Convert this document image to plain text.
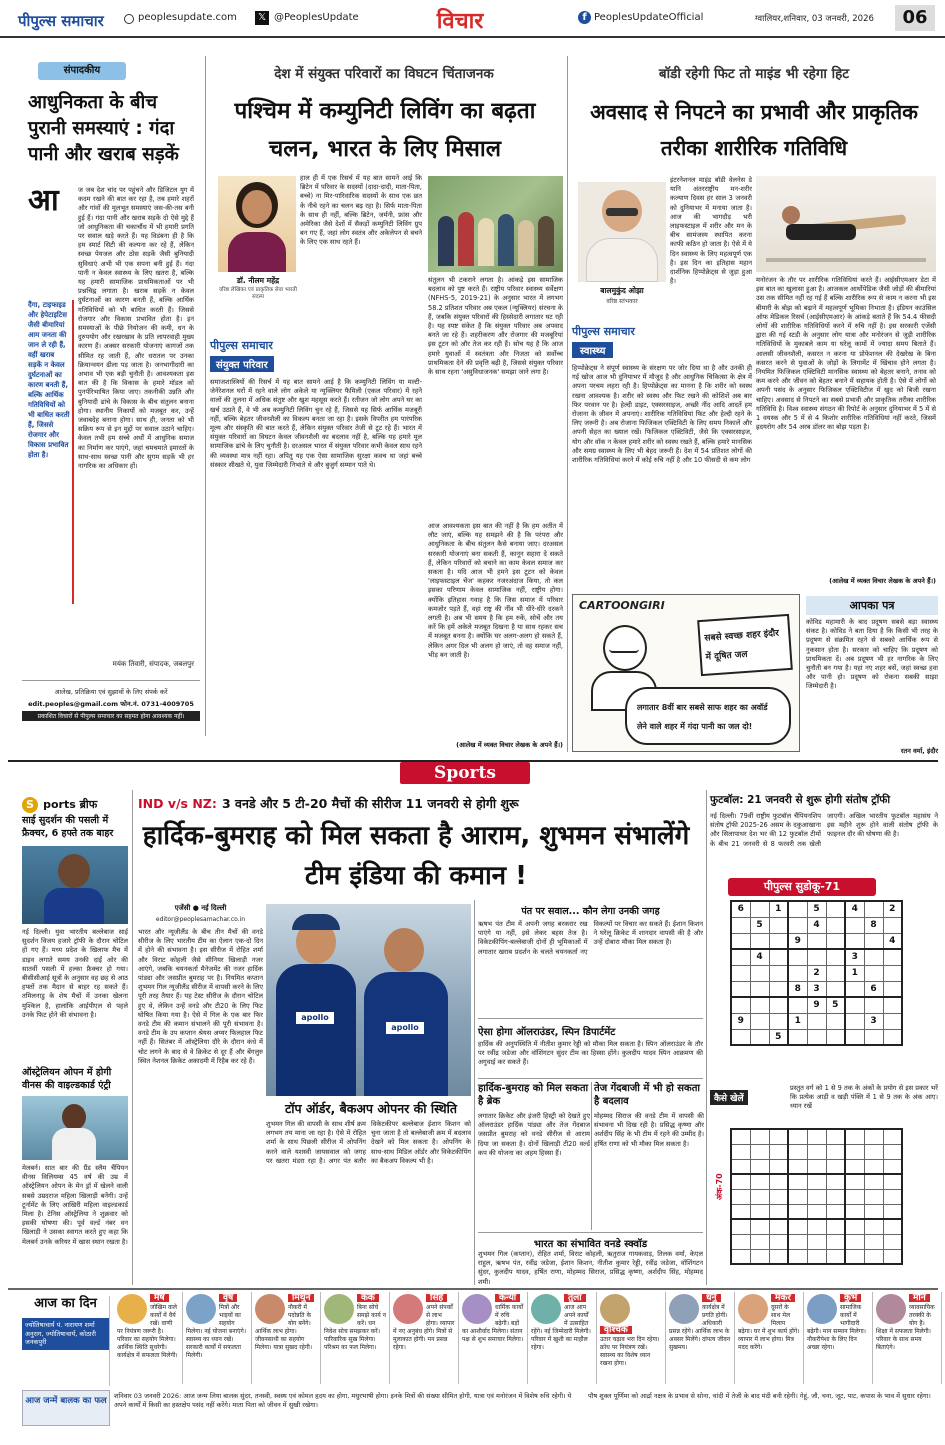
पीपुल्स समाचार	peoplesupdate.com 𝕏 @PeoplesUpdate	विचार	f PeoplesUpdateOfficial	ग्वालियर,शनिवार, 03 जनवरी, 2026	06
संपादकीय
आधुनिकता के बीच पुरानी समस्याएं : गंदा पानी और खराब सड़कें
आ	ज जब देश चांद पर पहुंचने और डिजिटल युग में कदम रखने की बात कर रहा है, तब हमारे शहरों और गांवों की मूलभूत समस्याएं जस-की-तस बनी हुई हैं। गंदा पानी और खराब सड़कें दो ऐसे मुद्दे हैं जो आधुनिकता की चकाचौंध में भी हमारी प्रगति पर सवाल खड़े करते हैं। यह विडंबना ही है कि हम स्मार्ट सिटी की कल्पना कर रहे हैं, लेकिन स्वच्छ पेयजल और ठोस सड़कें जैसी बुनियादी सुविधाएं अभी भी एक सपना बनी हुई हैं। गंदा पानी न केवल स्वास्थ्य के लिए खतरा है, बल्कि यह हमारी सामाजिक प्राथमिकताओं पर भी प्रश्नचिह्न लगाता है। खराब सड़कें न केवल दुर्घटनाओं का कारण बनती हैं, बल्कि आर्थिक गतिविधियों को भी बाधित करती हैं। जिससे रोजगार और विकास प्रभावित होता है। इन समस्याओं के पीछे नियोजन की कमी, धन के दुरुपयोग और रखरखाव के प्रति लापरवाही मुख्य कारण हैं। अक्सर सरकारी योजनाएं कागजों तक सीमित रह जाती हैं, और धरातल पर उनका क्रियान्वयन ढीला पड़ जाता है। जनभागीदारी का अभाव भी एक बड़ी चुनौती है। आवश्यकता इस बात की है कि विकास के हमारे मॉडल को पुनर्परिभाषित किया जाए। तकनीकी उन्नति और बुनियादी ढांचे के विकास के बीच संतुलन बनाना होगा। स्थानीय निकायों को मजबूत कर, उन्हें जवाबदेह बनाना होगा। साथ ही, जनता को भी सक्रिय रूप से इन मुद्दों पर सवाल उठाने चाहिए। केवल तभी हम सच्चे अर्थों में आधुनिक समाज का निर्माण कर पाएंगे, जहां चमचमाते इमारतों के साथ-साथ स्वच्छ पानी और सुगम सड़कें भी हर नागरिक का अधिकार हों।
दैंगा, टाइफाइड और हेपेटाइटिस जैसी बीमारियां आम जनता की जान ले रही हैं, वहीं खराब सड़कें न केवल दुर्घटनाओं का कारण बनती हैं, बल्कि आर्थिक गतिविधियों को भी बाधित करती हैं, जिससे रोजगार और विकास प्रभावित होता है।
मयंक तिवारी, संपादक, जबलपुर
आलेख, प्रतिक्रिया एवं सुझावों के लिए संपर्क करें
edit.peoples@gmail.com फोन.नं. 0731-4009705
प्रकाशित विचारों से पीपुल्स समाचार का सहमत होना आवश्यक नहीं।
देश में संयुक्त परिवारों का विघटन चिंताजनक
पश्चिम में कम्युनिटी लिविंग का बढ़ता चलन, भारत के लिए मिसाल
डॉ. नीलम महेंद्र
वरिष्ठ लेखिका एवं प्राकृतिक सेवा भारती सदस्य
हाल ही में एक रिसर्च में यह बात सामने आई कि ब्रिटेन में परिवार के सदस्यों (दादा-दादी, माता-पिता, बच्चे) ना मिर-पारिवारिक सदस्यों के साथ एक छत के नीचे रहने का चलन बढ़ रहा है। सिर्फ माता-पिता के साथ ही नहीं, बल्कि ब्रिटेन, जर्मनी, फ्रांस और अमेरिका जैसे देशों में सैकड़ों कम्युनिटी लिविंग ग्रुप बन गए हैं, जहां लोग स्वतंत्र और अकेलेपन से बचने के लिए एक साथ रहते हैं।
पीपुल्स समाचार
संयुक्त परिवार
समाजशास्त्रियों की रिसर्च में यह बात सामने आई है कि कम्युनिटी लिविंग या मल्टी-जेनेरेशनल घरों में रहने वाले लोग अकेले या न्यूक्लियर फैमिली (एकल परिवार) में रहने वालों की तुलना में अधिक संतुष्ट और खुश महसूस करते हैं। रतीजन जो लोग अपने घर का खर्च उठाते हैं, वे भी अब कम्युनिटी लिविंग चुन रहे हैं, जिससे यह सिर्फ आर्थिक मजबूरी नहीं, बल्कि बेहतर जीवनशैली का विकल्प बनता जा रहा है। इसके विपरीत हम पारंपरिक मूल्य और संस्कृति की बात करते हैं, लेकिन संयुक्त परिवार तेजी से टूट रहे हैं। भारत में संयुक्त परिवारों का विघटन केवल जीवनशैली का बदलाव नहीं है, बल्कि यह हमारे मूल सामाजिक ढांचे के लिए चुनौती है। दरअसल भारत में संयुक्त परिवार कभी केवल साथ रहने की व्यवस्था मात्र नहीं रहा। अपितु यह एक ऐसा सामाजिक सुरक्षा कवच था जहां बच्चे संस्कार सीखते थे, युवा जिम्मेदारी निभाते थे और बुजुर्ग सम्मान पाते थे।
संतुलन भी टकराने लगता है। आंकड़े इस सामाजिक बदलाव को पुष्ट करते हैं। राष्ट्रीय परिवार स्वास्थ्य सर्वेक्षण (NFHS-5, 2019-21) के अनुसार भारत में लगभग 58.2 प्रतिशत परिवार अब एकल (न्यूक्लियर) संरचना के हैं, जबकि संयुक्त परिवारों की हिस्सेदारी लगातार घट रही है। यह स्पष्ट संकेत है कि संयुक्त परिवार अब अपवाद बनते जा रहे हैं। शहरीकरण और रोजगार की मजबूरियां इस टूटन को और तेज कर रही हैं। सोच यह है कि आज हमारे युवाओं में स्वतंत्रता और निजता को सर्वोच्च प्राथमिकता देने की प्रवृत्ति बढ़ी है, जिससे संयुक्त परिवार के साथ रहना 'असुविधाजनक' समझा जाने लगा है।
आज आवश्यकता इस बात की नहीं है कि हम अतीत में लौट जाएं, बल्कि यह समझने की है कि परंपरा और आधुनिकता के बीच संतुलन कैसे बनाया जाए। दरअसल सरकारी योजनाएं बना सकती हैं, कानून सहारा दे सकते हैं, लेकिन परिवारों को बचाने का काम केवल समाज कर सकता है। यदि आज भी हमने इस टूटन को केवल 'लाइफस्टाइल चेंज' कहकर नजरअंदाज किया, तो कल इसका परिणाम केवल सामाजिक नहीं, राष्ट्रीय होगा। क्योंकि इतिहास गवाह है कि जिस समाज में परिवार कमजोर पड़ते हैं, वहां राष्ट्र की नींव भी धीरे-धीरे दरकने लगती है। अब भी समय है कि हम रुकें, सोचें और तय करें कि हमें अकेले मजबूत दिखना है या साथ रहकर सच में मजबूत बनना है। क्योंकि घर अलग-अलग हो सकते हैं, लेकिन अगर दिल भी अलग हो जाएं, तो वह समाज नहीं, भीड़ बन जाती है।
(आलेख में व्यक्त विचार लेखक के अपने हैं।)
बॉडी रहेगी फिट तो माइंड भी रहेगा हिट
अवसाद से निपटने का प्रभावी और प्राकृतिक तरीका शारीरिक गतिविधि
बालमुकुंद ओझा
वरिष्ठ स्तंभकार
इंटरनेशनल माइंड बॉडी वेलनेस डे यानि अंतरराष्ट्रीय मन-शरीर कल्याण दिवस हर साल 3 जनवरी को दुनियाभर में मनाया जाता है। आज की भागदौड़ भरी लाइफस्टाइल में शरीर और मन के बीच सामंजस्य स्थापित करना काफी कठिन हो जाता है। ऐसे में ये दिन स्वास्थ्य के लिए महत्वपूर्ण एक है। इस दिन का इतिहास महान दार्शनिक हिप्पोक्रेट्स से जुड़ा हुआ है।
पीपुल्स समाचार
स्वास्थ्य
हिप्पोक्रेट्स ने संपूर्ण स्वास्थ्य के संरक्षण पर जोर दिया था है और उनकी ही गई खोज आज भी दुनियाभर में मौजूद है और आधुनिक चिकित्सा के क्षेत्र में अपना परचम लहरा रही है। हिप्पोक्रेट्स का मानना है कि शरीर को स्वस्थ रखना आवश्यक है। शरीर को स्वस्थ और फिट रखने की कोशिशें अब बार फिर परवान पर है। हेल्दी डाइट, एक्सरसाइज, अच्छी नींद आदि आदतें हम रोजाना के जीवन में अपनाएं। शारीरिक गतिविधियां फिट और हेल्दी रहने के लिए जरूरी है। अब रोजाना फिजिकल एक्टिविटी के लिए समय निकालें और अपनी सेहत का ख्याल रखें। फिजिकल एक्टिविटी, जैसे कि एक्सरसाइज, योग और वॉक न केवल हमारे शरीर को स्वस्थ रखते हैं, बल्कि हमारे मानसिक और समग्र स्वास्थ्य के लिए भी बेहद जरूरी हैं। देश में 54 प्रतिशत लोगों की शारीरिक गतिविधियां करने में कोई रुचि नहीं है और 10 फीसदी से कम लोग
मनोरंजन के तौर पर शारीरिक गतिविधियां करते हैं। आईसीएमआर डेटा में इस बात का खुलासा हुआ है। आजकल आर्थोपेडिक जैसी जोड़ों की बीमारियां उस तक सीमित नहीं रह गई हैं बल्कि शारीरिक रूप से काम न करना भी इस बीमारी के बोझ को बढ़ाने में महत्वपूर्ण भूमिका निभाता है। इंडियन काउंसिल ऑफ मेडिकल रिसर्च (आईसीएमआर) के आंकड़े बताते हैं कि 54.4 फीसदी लोगों की शारीरिक गतिविधियों करने में रुचि नहीं है। इस सरकारी एजेंसी द्वारा की गई स्टडी के अनुसार लोग यात्रा और मनोरंजन से जुड़ी शारीरिक गतिविधियों के मुकाबले काम या घरेलू कामों में ज्यादा समय बिताते हैं। आलसी जीवनशैली, कसरत न करना या प्रोफेशनल की देखरेख के बिना कसरत करने से युवाओं के जोड़ों के लिगामेंट में खिंचाव होने लगता है। नियमित फिजिकल एक्टिविटी मानसिक स्वास्थ्य को बेहतर बनाने, तनाव को कम करने और जीवन को बेहतर बनाने में सहायक होती है। ऐसे में लोगों को अपनी पसंद के अनुसार फिजिकल एक्टिविटीज में खुद को बिजी रखना चाहिए। अवसाद से निपटने का सबसे प्रभावी और प्राकृतिक तरीका शारीरिक गतिविधि है। विश्व स्वास्थ्य संगठन की रिपोर्ट के अनुसार दुनियाभर में 5 में से 1 वयस्क और 5 में से 4 किशोर शारीरिक गतिविधियां नहीं करते, जिसमें ह्रदयरोग और 54 अरब डॉलर का बोझ पड़ता है।
(आलेख में व्यक्त विचार लेखक के अपने हैं।)
CARTOONGIRI
सबसे स्वच्छ शहर इंदौर में दूषित जल
लगातार 8वीं बार सबसे साफ शहर का अवॉर्ड लेने वाले शहर में गंदा पानी का जल दो!
आपका पत्र
कोविड महामारी के बाद प्रदूषण सबसे बड़ा स्वास्थ्य संकट है। कोविड ने बता दिया है कि किसी भी तरह के प्रदूषण से संक्रमित रहने से सबको आर्थिक रूप से नुकसान होता है। सरकार को चाहिए कि प्रदूषण को प्राथमिकता दें। अब प्रदूषण भी हर नागरिक के लिए चुनौती बन गया है। यहां नए शहर बसें, जहां स्वच्छ हवा और पानी हो। प्रदूषण को रोकना सबकी साझा जिम्मेदारी है।
रतन वर्मा, इंदौर
Sports
S ports ब्रीफ
साई सुदर्शन की पसली में फ्रैक्चर, 6 हफ्ते तक बाहर
नई दिल्ली। युवा भारतीय बल्लेबाज साई सुदर्शन विजय हजारे ट्रॉफी के दौरान चोटिल हो गए हैं। मध्य प्रदेश के खिलाफ मैच में डाइव लगाते समय उनकी दाईं ओर की सातवीं पसली में हल्का फ्रैक्चर हो गया। बीसीसीआई सूत्रों के अनुसार वह छह से आठ हफ्तों तक मैदान से बाहर रह सकते हैं। तमिलनाडु के शेष मैचों में उनका खेलना मुश्किल है, हालांकि आईपीएल से पहले उनके फिट होने की संभावना है।
ऑस्ट्रेलियन ओपन में होगी वीनस की वाइल्डकार्ड एंट्री
मेलबर्न। सात बार की ग्रैंड स्लैम चैंपियन वीनस विलियम्स 45 वर्ष की उम्र में ऑस्ट्रेलियन ओपन के मेन ड्रॉ में खेलने वाली सबसे उम्रदराज महिला खिलाड़ी बनेंगी। उन्हें टूर्नामेंट के लिए आखिरी महिला वाइल्डकार्ड मिला है। टेनिस ऑस्ट्रेलिया ने शुक्रवार को इसकी घोषणा की। पूर्व वर्ल्ड नंबर वन खिलाड़ी ने उसका स्वागत करते हुए कहा कि मेलबर्न उनके करियर में खास स्थान रखता है।
IND v/s NZ: 3 वनडे और 5 टी-20 मैचों की सीरीज 11 जनवरी से होगी शुरू
हार्दिक-बुमराह को मिल सकता है आराम, शुभमन संभालेंगे टीम इंडिया की कमान !
एजेंसी ● नई दिल्ली
editor@peoplesamachar.co.in
भारत और न्यूजीलैंड के बीच तीन मैचों की वनडे सीरीज के लिए भारतीय टीम का ऐलान एक-दो दिन में होने की संभावना है। इस सीरीज में रोहित शर्मा और विराट कोहली जैसे सीनियर खिलाड़ी नजर आएंगे, जबकि चयनकर्ता मैनेजमेंट की नजर हार्दिक पांड्या और जसप्रीत बुमराह पर है। नियमित कप्तान शुभमन गिल न्यूजीलैंड सीरीज में वापसी करने के लिए पूरी तरह तैयार हैं। यह टेस्ट सीरीज के दौरान चोटिल हुए थे, लेकिन उन्हें वनडे और टी20 के लिए फिट घोषित किया गया है। ऐसे में गिल के एक बार फिर वनडे टीम की कमान संभालने की पूरी संभावना है। वनडे टीम के उप कप्तान श्रेयस अय्यर फिलहाल फिट नहीं हैं। सितंबर में ऑस्ट्रेलिया दौरे के दौरान कंधे में चोट लगने के बाद से वे क्रिकेट से दूर हैं और बेंगलुरु स्थित नेशनल क्रिकेट अकादमी में रिहैब कर रहे हैं।
apollo
apollo
टॉप ऑर्डर, बैकअप ओपनर की स्थिति
शुभमन गिल की वापसी के साथ शीर्ष क्रम लगभग तय माना जा रहा है। ऐसे में रोहित शर्मा के साथ पिछली सीरीज में ओपनिंग करने वाले यशस्वी जायसवाल को जगह पर खतरा मंडरा रहा है। अगर पंत बतौर विकेटकीपर बल्लेबाज ईशान किशन को चुना जाता है तो बल्लेबाजी क्रम में बदलाव देखने को मिल सकता है। ओपनिंग के साथ-साथ मिडिल ऑर्डर और विकेटकीपिंग का बैकअप विकल्प भी है।
पंत पर सवाल... कौन लेगा उनकी जगह
ऋषभ पंत टीम में अपनी जगह बरकरार रख पाएंगे या नहीं, इसे लेकर बहस तेज है। विकेटकीपिंग-बल्लेबाजी दोनों ही भूमिकाओं में लगातार खराब प्रदर्शन के चलते चयनकर्ता नए विकल्पों पर विचार कर सकते हैं। ईशान किशन ने घरेलू क्रिकेट में शानदार वापसी की है और उन्हें दोबारा मौका मिल सकता है।
ऐसा होगा ऑलराउंडर, स्पिन डिपार्टमेंट
हार्दिक की अनुपस्थिति में नीतीश कुमार रेड्डी को मौका मिल सकता है। स्पिन ऑलराउंडर के तौर पर रवींद्र जडेजा और वॉशिंगटन सुंदर टीम का हिस्सा होंगे। कुलदीप यादव स्पिन आक्रमण की अगुवाई कर सकते हैं।
हार्दिक-बुमराह को मिल सकता है ब्रेक
लगातार क्रिकेट और इंजरी हिस्ट्री को देखते हुए ऑलराउंडर हार्दिक पांड्या और तेज गेंदबाज जसप्रीत बुमराह को वनडे सीरीज से आराम दिया जा सकता है। दोनों खिलाड़ी टी20 वर्ल्ड कप की योजना का अहम हिस्सा हैं।
तेज गेंदबाजी में भी हो सकता है बदलाव
मोहम्मद सिराज की वनडे टीम में वापसी की संभावना भी दिख रही है। प्रसिद्ध कृष्णा और अर्शदीप सिंह के भी टीम में रहने की उम्मीद है। हर्षित राणा को भी मौका मिल सकता है।
भारत का संभावित वनडे स्क्वॉड
शुभमन गिल (कप्तान), रोहित शर्मा, विराट कोहली, ऋतुराज गायकवाड़, तिलक वर्मा, केएल राहुल, ऋषभ पंत, रवींद्र जडेजा, ईशान किशन, नीतीश कुमार रेड्डी, रवींद्र जडेजा, वॉशिंगटन सुंदर, कुलदीप यादव, हर्षित राणा, मोहम्मद सिराज, प्रसिद्ध कृष्णा, अर्शदीप सिंह, मोहम्मद शमी।
फुटबॉल: 21 जनवरी से शुरू होगी संतोष ट्रॉफी
नई दिल्ली। 79वीं राष्ट्रीय फुटबॉल चैंपियनशिप संतोष ट्रॉफी 2025-26 असम के दकुआखाना और सिलापाथर देश भर की 12 फुटबॉल टीमों के बीच 21 जनवरी से 8 फरवरी तक खेली जाएगी। अखिल भारतीय फुटबॉल महासंघ ने इस महीने शुरू होने वाली संतोष ट्रॉफी के फाइनल दौर की घोषणा की है।
पीपुल्स सुडोकू-71
6		1		5		4		2
	5			4			8	
			9					4
	4					3		
				2		1		
			8	3			6	
				9	5			
9			1				3	
		5						
कैसे खेलें
प्रस्तुत वर्ग को 1 से 9 तक के अंकों के प्रयोग से इस प्रकार भरें कि प्रत्येक आड़ी व खड़ी पंक्ति में 1 से 9 तक के अंक आए। ध्यान रखें
अंक-70

आज का दिन
ज्योतिषाचार्य पं. नारायण शर्मा अनुराग, ज्योतिषाचार्य, कोठारी जनकपुरी
मेष
जोखिम वाले कार्यों में धैर्य रखें। वाणी पर नियंत्रण जरूरी है। परिवार का सहयोग मिलेगा। आर्थिक स्थिति सुधरेगी। कार्यक्षेत्र में सफलता मिलेगी।
वृष
मित्रों और भाइयों का सहयोग मिलेगा। नई योजना बनाएंगे। स्वास्थ्य का ध्यान रखें। सरकारी कार्यों में सफलता मिलेगी।
मिथुन
नौकरी में पदोन्नति के योग बनेंगे। आर्थिक लाभ होगा। जीवनसाथी का सहयोग मिलेगा। यात्रा सुखद रहेगी।
कर्क
बिना सोचे समझे कार्य न करें। धन निवेश सोच समझकर करें। पारिवारिक सुख मिलेगा। परिश्रम का फल मिलेगा।
सिंह
अपने संपर्कों से लाभ होगा। व्यापार में नए अनुबंध होंगे। मित्रों से मुलाकात होगी। मन प्रसन्न रहेगा।
कन्या
धार्मिक कार्यों में रुचि बढ़ेगी। बड़ों का आशीर्वाद मिलेगा। संतान पक्ष से शुभ समाचार मिलेगा।
तुला
आज आप अपने कार्यों में उत्साहित रहेंगे। नई जिम्मेदारी मिलेगी। परिवार में खुशी का माहौल रहेगा।
वृश्चिक
उतार चढ़ाव भरा दिन रहेगा। क्रोध पर नियंत्रण रखें। स्वास्थ्य का विशेष ध्यान रखना होगा।
धनु
कार्यक्षेत्र में प्रगति होगी। अधिकारी प्रसन्न रहेंगे। आर्थिक लाभ के अवसर मिलेंगे। दांपत्य जीवन सुखमय।
मकर
दूसरों के साथ मेल मिलाप बढ़ेगा। घर में शुभ कार्य होंगे। व्यापार में लाभ होगा। मित्र मदद करेंगे।
कुंभ
सामाजिक कार्यों में भागीदारी बढ़ेगी। मान सम्मान मिलेगा। नौकरीपेशा के लिए दिन अच्छा रहेगा।
मीन
व्यावसायिक तरक्की के योग हैं। शिक्षा में सफलता मिलेगी। परिवार के साथ समय बिताएंगे।
आज जन्में बालक का फल	शनिवार 03 जनवरी 2026: आज जन्म लिया बालक सुंदर, तनस्वी, स्वस्थ एवं कोमल हृदय का होगा, मधुरभाषी होगा। इनके मित्रों की संख्या सीमित होगी, यात्रा एवं मनोरंजन में विशेष रुचि रहेगी। ये अपने कार्यों में किसी का हस्तक्षेप पसंद नहीं करेंगे। माता पिता को जीवन में सुखी रखेगा।
पौष शुक्ल पूर्णिमा को आर्द्रा नक्षत्र के प्रभाव से सोना, चांदी में तेजी के बाद मंदी बनी रहेगी। गेहूं, जौ, चना, जूट, पाट, कपास के भाव में सुधार रहेगा।
